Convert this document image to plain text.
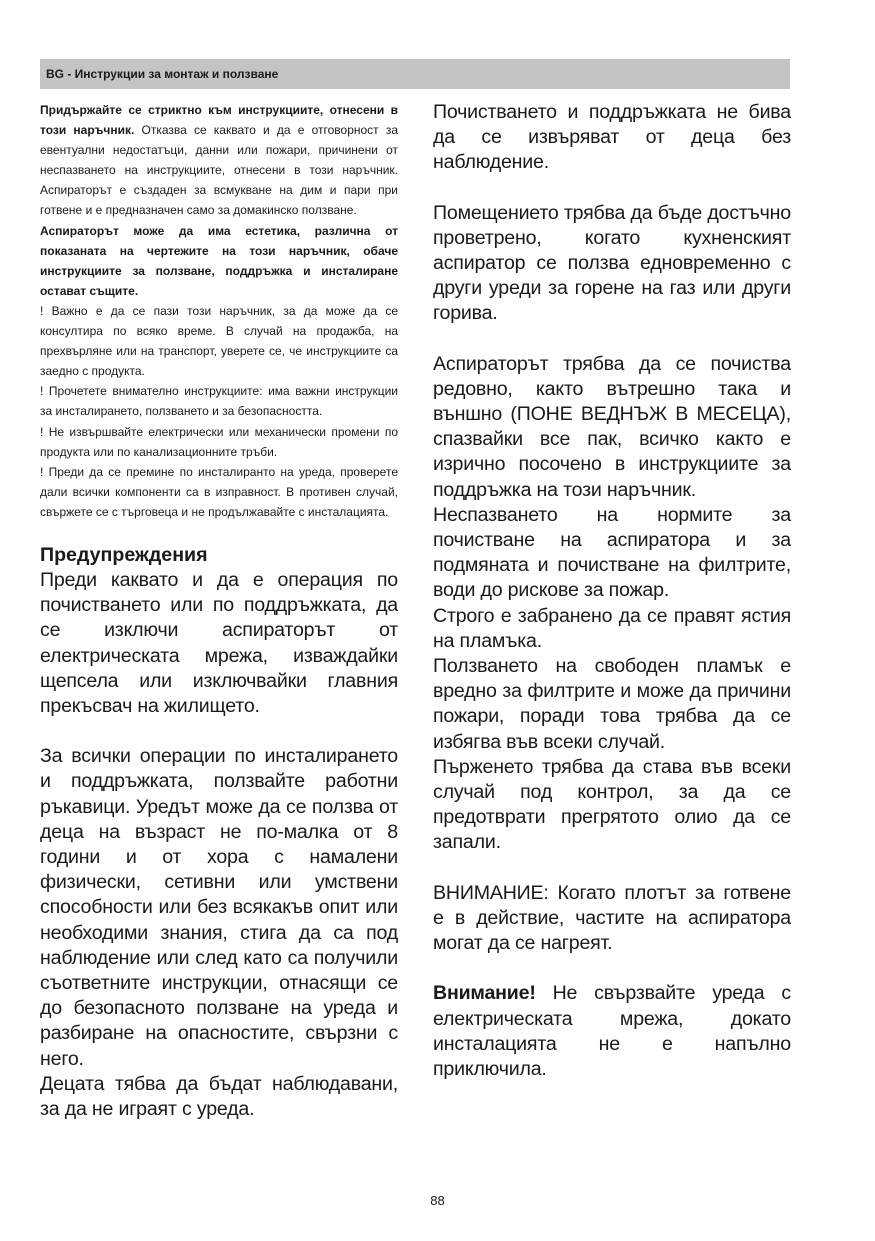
BG - Инструкции за монтаж и ползване

Придържайте се стриктно към инструкциите, отнесени в този наръчник. Отказва се каквато и да е отговорност за евентуални недостатъци, данни или пожари, причинени от неспазването на инструкциите, отнесени в този наръчник. Аспираторът е създаден за всмукване на дим и пари при готвене и е предназначен само за домакинско ползване.

Аспираторът може да има естетика, различна от показаната на чертежите на този наръчник, обаче инструкциите за ползване, поддръжка и инсталиране остават същите.

! Важно е да се пази този наръчник, за да може да се консултира по всяко време. В случай на продажба, на прехвърляне или на транспорт, уверете се, че инструкциите са заедно с продукта.

! Прочетете внимателно инструкциите: има важни инструкции за инсталирането, ползването и за безопасността.

! Не извършвайте електрически или механически промени по продукта или по канализационните тръби.

! Преди да се премине по инсталиранто на уреда, проверете дали всички компоненти са в изправност. В противен случай, свържете се с търговеца и не продължавайте с инсталацията.

Предупреждения

Преди каквато и да е операция по почистването или по поддръжката, да се изключи аспираторът от електрическата мрежа, изваждайки щепсела или изключвайки главния прекъсвач на жилището.

За всички операции по инсталирането и поддръжката, ползвайте работни ръкавици. Уредът може да се ползва от деца на възраст не по-малка от 8 години и от хора с намалени физически, сетивни или умствени способности или без всякакъв опит или необходими знания, стига да са под наблюдение или след като са получили съответните инструкции, отнасящи се до безопасното ползване на уреда и разбиране на опасностите, свързни с него.

Децата тябва да бъдат наблюдавани, за да не играят с уреда.

Почистването и поддръжката не бива да се извъряват от деца без наблюдение.

Помещението трябва да бъде достъчно проветрено, когато кухненският аспиратор се ползва едновременно с други уреди за горене на газ или други горива.

Аспираторът трябва да се почиства редовно, както вътрешно така и външно (ПОНЕ ВЕДНЪЖ В МЕСЕЦА), спазвайки все пак, всичко както е изрично посочено в инструкциите за поддръжка на този наръчник.

Неспазването на нормите за почистване на аспиратора и за подмяната и почистване на филтрите, води до рискове за пожар.

Строго е забранено да се правят ястия на пламъка.

Ползването на свободен пламък е вредно за филтрите и може да причини пожари, поради това трябва да се избягва във всеки случай.

Пърженето трябва да става във всеки случай под контрол, за да се предотврати прегрятото олио да се запали.

ВНИМАНИЕ: Когато плотът за готвене е в действие, частите на аспиратора могат да се нагреят.

Внимание! Не свързвайте уреда с електрическата мрежа, докато инсталацията не е напълно приключила.

88
